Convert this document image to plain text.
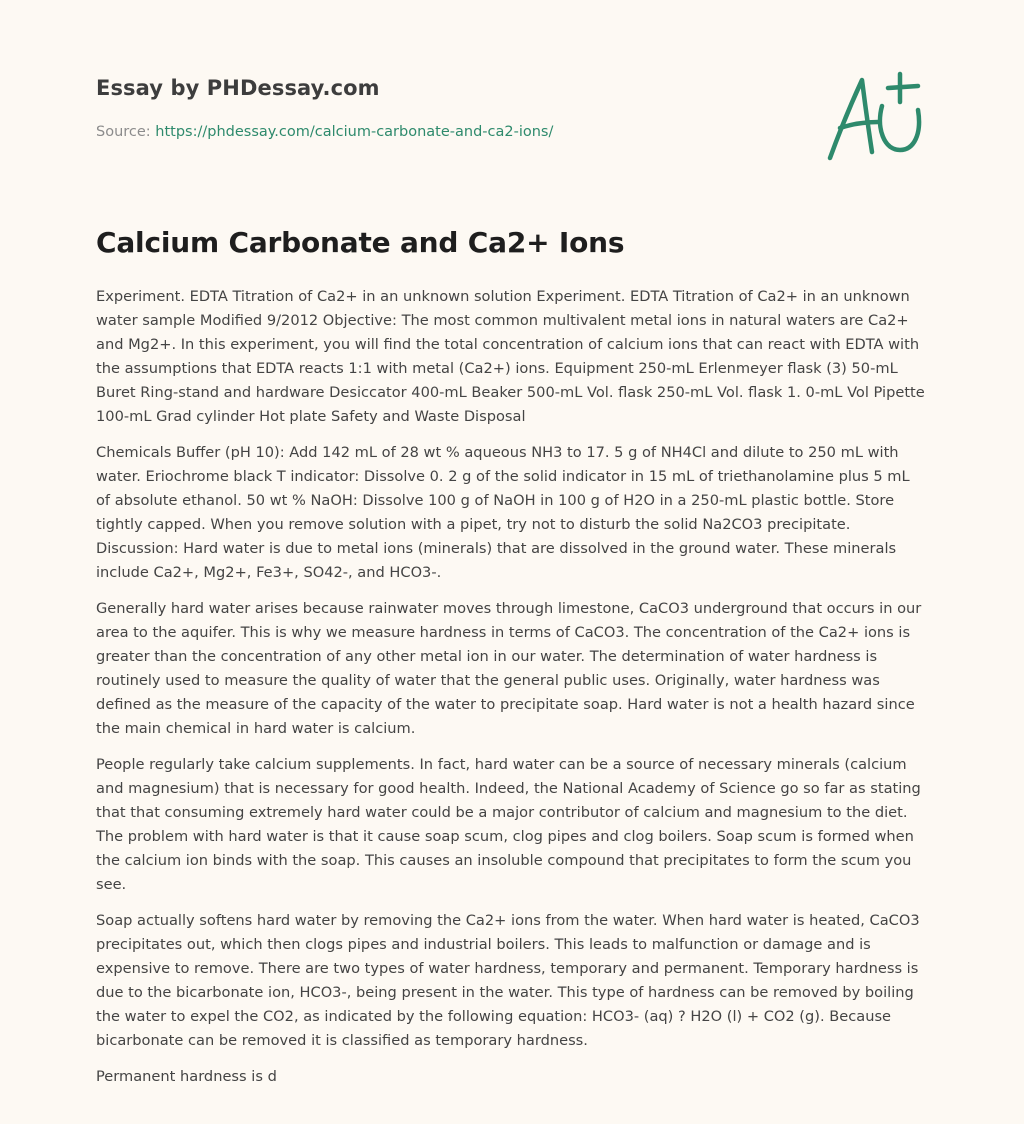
Essay by PHDessay.com
Source: https://phdessay.com/calcium-carbonate-and-ca2-ions/
Calcium Carbonate and Ca2+ Ions

Experiment. EDTA Titration of Ca2+ in an unknown solution Experiment. EDTA Titration of Ca2+ in an unknown water sample Modified 9/2012 Objective: The most common multivalent metal ions in natural waters are Ca2+ and Mg2+. In this experiment, you will find the total concentration of calcium ions that can react with EDTA with the assumptions that EDTA reacts 1:1 with metal (Ca2+) ions. Equipment 250-mL Erlenmeyer flask (3) 50-mL Buret Ring-stand and hardware Desiccator 400-mL Beaker 500-mL Vol. flask 250-mL Vol. flask 1. 0-mL Vol Pipette 100-mL Grad cylinder Hot plate Safety and Waste Disposal

Chemicals Buffer (pH 10): Add 142 mL of 28 wt % aqueous NH3 to 17. 5 g of NH4Cl and dilute to 250 mL with water. Eriochrome black T indicator: Dissolve 0. 2 g of the solid indicator in 15 mL of triethanolamine plus 5 mL of absolute ethanol. 50 wt % NaOH: Dissolve 100 g of NaOH in 100 g of H2O in a 250-mL plastic bottle. Store tightly capped. When you remove solution with a pipet, try not to disturb the solid Na2CO3 precipitate. Discussion: Hard water is due to metal ions (minerals) that are dissolved in the ground water. These minerals include Ca2+, Mg2+, Fe3+, SO42-, and HCO3-.

Generally hard water arises because rainwater moves through limestone, CaCO3 underground that occurs in our area to the aquifer. This is why we measure hardness in terms of CaCO3. The concentration of the Ca2+ ions is greater than the concentration of any other metal ion in our water. The determination of water hardness is routinely used to measure the quality of water that the general public uses. Originally, water hardness was defined as the measure of the capacity of the water to precipitate soap. Hard water is not a health hazard since the main chemical in hard water is calcium.

People regularly take calcium supplements. In fact, hard water can be a source of necessary minerals (calcium and magnesium) that is necessary for good health. Indeed, the National Academy of Science go so far as stating that that consuming extremely hard water could be a major contributor of calcium and magnesium to the diet. The problem with hard water is that it cause soap scum, clog pipes and clog boilers. Soap scum is formed when the calcium ion binds with the soap. This causes an insoluble compound that precipitates to form the scum you see.

Soap actually softens hard water by removing the Ca2+ ions from the water. When hard water is heated, CaCO3 precipitates out, which then clogs pipes and industrial boilers. This leads to malfunction or damage and is expensive to remove. There are two types of water hardness, temporary and permanent. Temporary hardness is due to the bicarbonate ion, HCO3-, being present in the water. This type of hardness can be removed by boiling the water to expel the CO2, as indicated by the following equation: HCO3- (aq) ? H2O (l) + CO2 (g). Because bicarbonate can be removed it is classified as temporary hardness.

Permanent hardness is d
